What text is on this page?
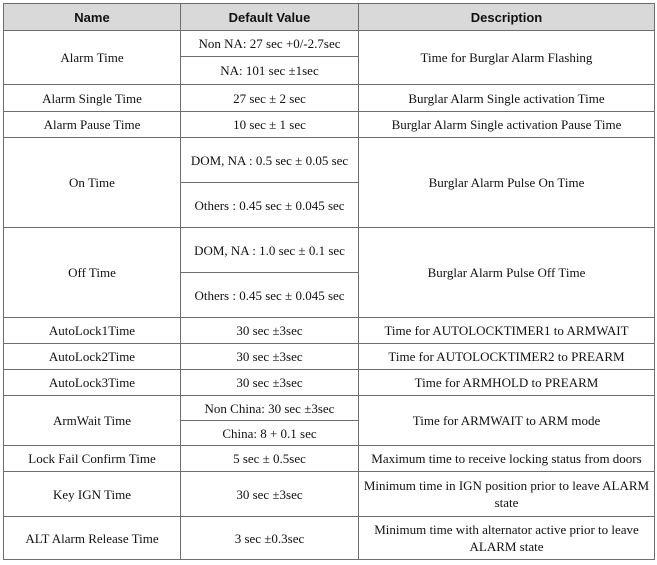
Name	Default Value	Description
Alarm Time	Non NA: 27 sec +0/-2.7sec	Time for Burglar Alarm Flashing
	NA: 101 sec ±1sec	
Alarm Single Time	27 sec ± 2 sec	Burglar Alarm Single activation Time
Alarm Pause Time	10 sec ± 1 sec	Burglar Alarm Single activation Pause Time
On Time	DOM, NA : 0.5 sec ± 0.05 sec	Burglar Alarm Pulse On Time
	Others : 0.45 sec ± 0.045 sec	
Off Time	DOM, NA : 1.0 sec ± 0.1 sec	Burglar Alarm Pulse Off Time
	Others : 0.45 sec ± 0.045 sec	
AutoLock1Time	30 sec ±3sec	Time for AUTOLOCKTIMER1 to ARMWAIT
AutoLock2Time	30 sec ±3sec	Time for AUTOLOCKTIMER2 to PREARM
AutoLock3Time	30 sec ±3sec	Time for ARMHOLD to PREARM
ArmWait Time	Non China: 30 sec ±3sec	Time for ARMWAIT to ARM mode
	China: 8 + 0.1 sec	
Lock Fail Confirm Time	5 sec ± 0.5sec	Maximum time to receive locking status from doors
Key IGN Time	30 sec ±3sec	Minimum time in IGN position prior to leave ALARM state
ALT Alarm Release Time	3 sec ±0.3sec	Minimum time with alternator active prior to leave ALARM state
